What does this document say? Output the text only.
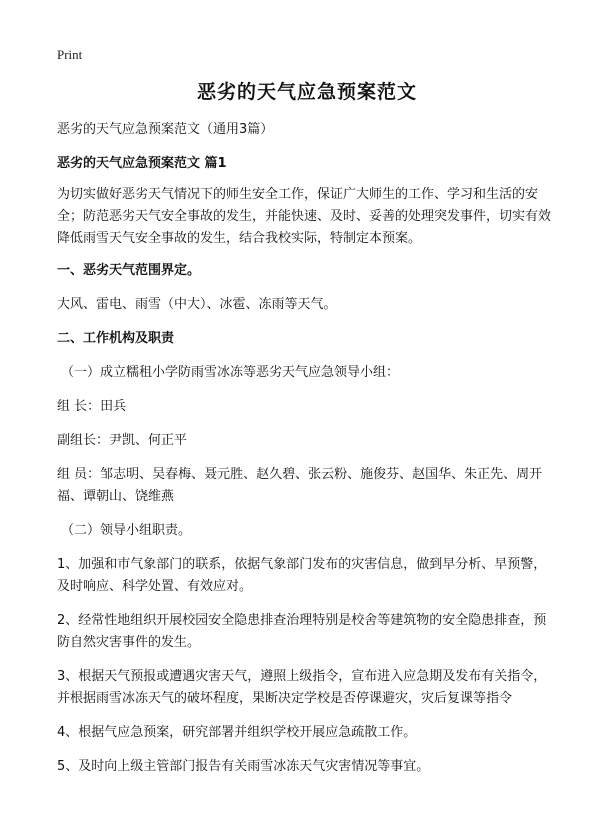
Print
恶劣的天气应急预案范文

恶劣的天气应急预案范文（通用3篇）

恶劣的天气应急预案范文 篇1

为切实做好恶劣天气情况下的师生安全工作，保证广大师生的工作、学习和生活的安全；防范恶劣天气安全事故的发生，并能快速、及时、妥善的处理突发事件，切实有效降低雨雪天气安全事故的发生，结合我校实际，特制定本预案。

一、恶劣天气范围界定。

大风、雷电、雨雪（中大）、冰雹、冻雨等天气。

二、工作机构及职责

（一）成立糯租小学防雨雪冰冻等恶劣天气应急领导小组：

组 长：田兵

副组长：尹凯、何正平

组 员：邹志明、吴春梅、聂元胜、赵久碧、张云粉、施俊芬、赵国华、朱正先、周开福、谭朝山、饶维燕

（二）领导小组职责。

1、加强和市气象部门的联系，依据气象部门发布的灾害信息，做到早分析、早预警，及时响应、科学处置、有效应对。

2、经常性地组织开展校园安全隐患排查治理特别是校舍等建筑物的安全隐患排查，预防自然灾害事件的发生。

3、根据天气预报或遭遇灾害天气，遵照上级指令，宣布进入应急期及发布有关指令，并根据雨雪冰冻天气的破坏程度，果断决定学校是否停课避灾，灾后复课等指令

4、根据气应急预案，研究部署并组织学校开展应急疏散工作。

5、及时向上级主管部门报告有关雨雪冰冻天气灾害情况等事宜。
